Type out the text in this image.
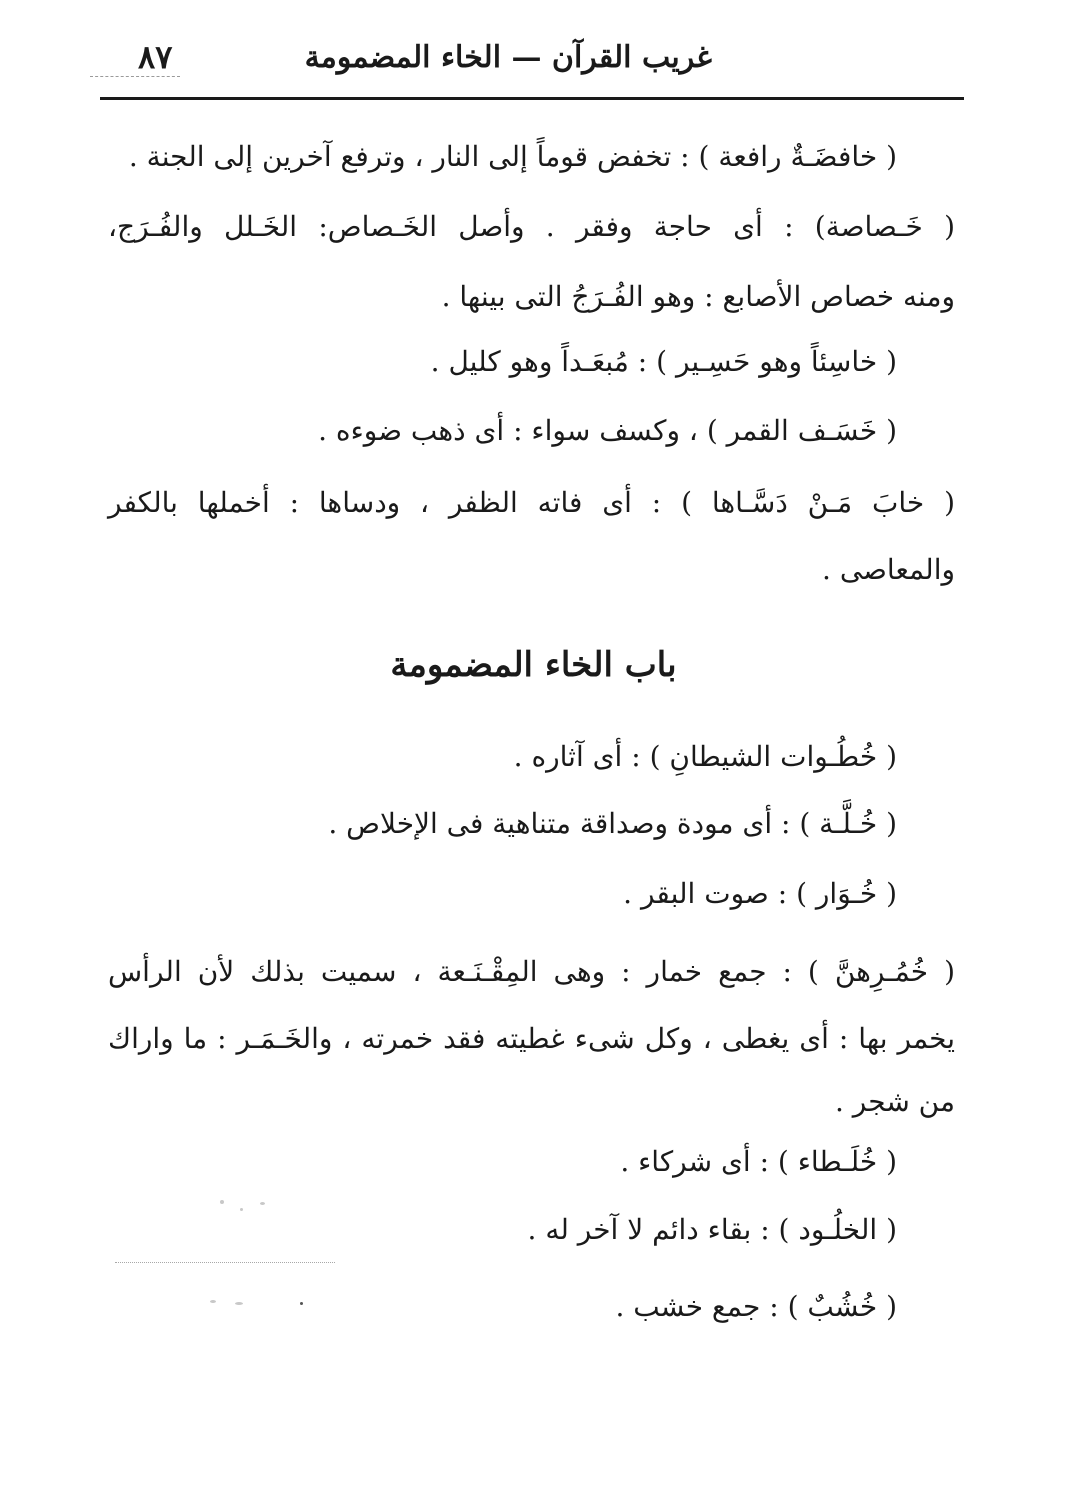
غريب القرآن — الخاء المضمومة
٨٧
( خافضَـةٌ رافعة ) : تخفض قوماً إلى النار ، وترفع آخرين إلى الجنة .
( خَـصاصة) : أى حاجة وفقر . وأصل الخَـصاص: الخَـلل والفُـرَج،
ومنه خصاص الأصابع : وهو الفُـرَجُ التى بينها .
( خاسِئاً وهو حَسِـير ) : مُبعَـداً وهو كليل .
( خَسَـف القمر ) ، وكسف سواء : أى ذهب ضوءه .
( خابَ مَـنْ دَسَّـاها ) : أى فاته الظفر ، ودساها : أخملها بالكفر
والمعاصى .
باب الخاء المضمومة
( خُطُـوات الشيطانِ ) : أى آثاره .
( خُـلَّـة ) : أى مودة وصداقة متناهية فى الإخلاص .
( خُـوَار ) : صوت البقر .
( خُمُـرِهنَّ ) : جمع خمار : وهى المِقْـنَـعة ، سميت بذلك لأن الرأس
يخمر بها : أى يغطى ، وكل شىء غطيته فقد خمرته ، والخَـمَـر : ما واراك
من شجر .
( خُلَـطاء ) : أى شركاء .
( الخلُـود ) : بقاء دائم لا آخر له .
( خُشُبٌ ) : جمع خشب .
